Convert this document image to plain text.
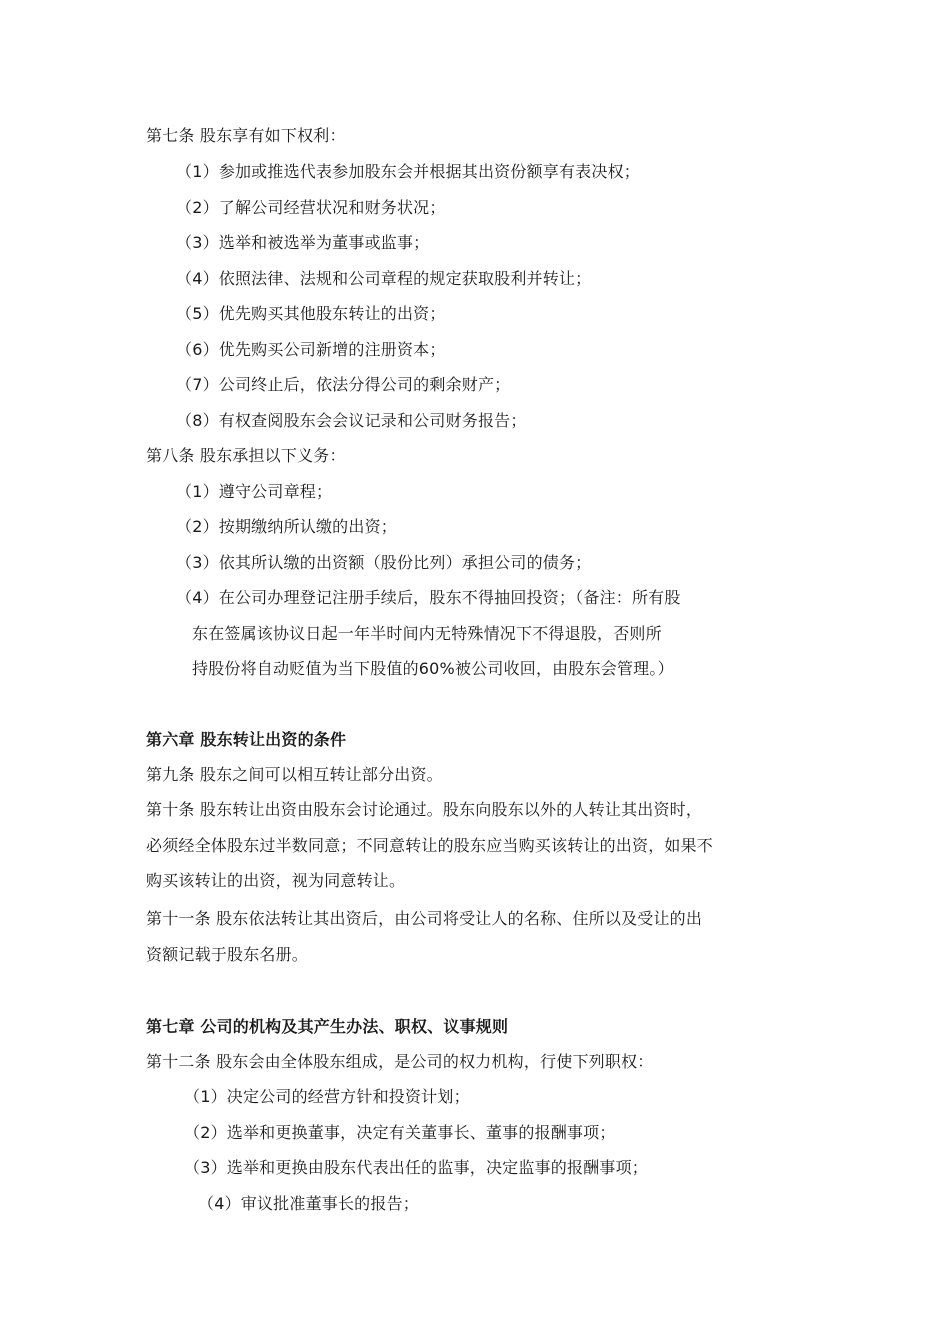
第七条 股东享有如下权利：
（1）参加或推选代表参加股东会并根据其出资份额享有表决权；
（2）了解公司经营状况和财务状况；
（3）选举和被选举为董事或监事；
（4）依照法律、法规和公司章程的规定获取股利并转让；
（5）优先购买其他股东转让的出资；
（6）优先购买公司新增的注册资本；
（7）公司终止后，依法分得公司的剩余财产；
（8）有权查阅股东会会议记录和公司财务报告；
第八条 股东承担以下义务：
（1）遵守公司章程；
（2）按期缴纳所认缴的出资；
（3）依其所认缴的出资额（股份比列）承担公司的债务；
（4）在公司办理登记注册手续后，股东不得抽回投资；（备注：所有股
东在签属该协议日起一年半时间内无特殊情况下不得退股，否则所
持股份将自动贬值为当下股值的60%被公司收回，由股东会管理。）
第六章 股东转让出资的条件
第九条 股东之间可以相互转让部分出资。
第十条 股东转让出资由股东会讨论通过。股东向股东以外的人转让其出资时，
必须经全体股东过半数同意；不同意转让的股东应当购买该转让的出资，如果不
购买该转让的出资，视为同意转让。
第十一条 股东依法转让其出资后，由公司将受让人的名称、住所以及受让的出
资额记载于股东名册。
第七章 公司的机构及其产生办法、职权、议事规则
第十二条 股东会由全体股东组成，是公司的权力机构，行使下列职权：
（1）决定公司的经营方针和投资计划；
（2）选举和更换董事，决定有关董事长、董事的报酬事项；
（3）选举和更换由股东代表出任的监事，决定监事的报酬事项；
（4）审议批准董事长的报告；
